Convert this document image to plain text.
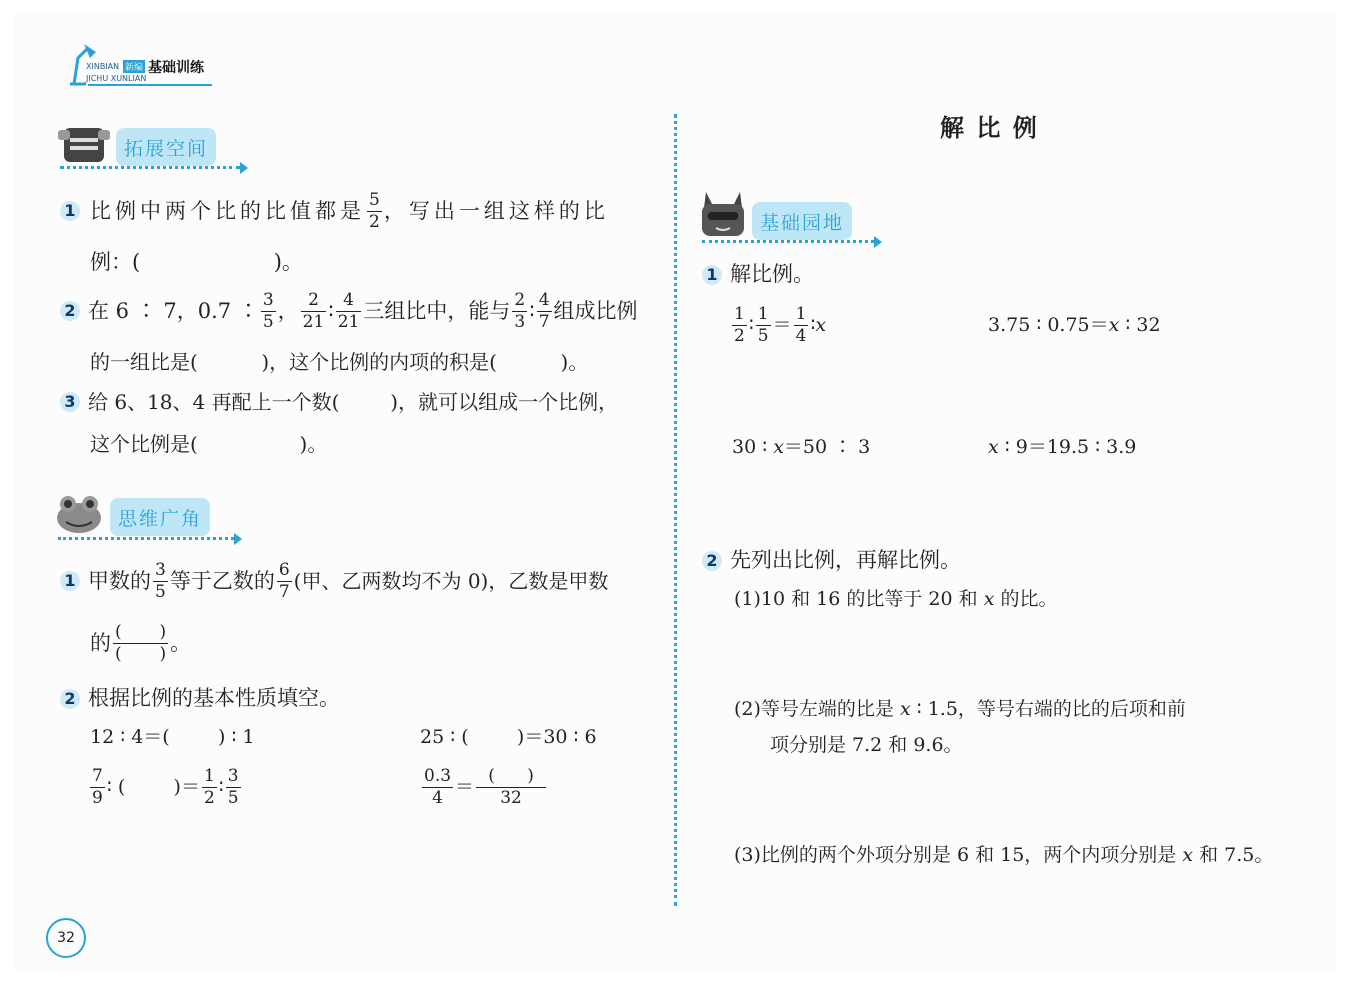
XINBIAN 新编 基础训练
JICHU XUNLIAN
拓展空间
1 比例中两个比的比值都是 $\frac{5}{2}$ ，写出一组这样的比
例：(                    )。
2 在 6 ∶ 7，0.7 ∶ $\frac{3}{5}$ ， $\frac{2}{21}$ ∶ $\frac{4}{21}$ 三组比中，能与 $\frac{2}{3}$ ∶ $\frac{4}{7}$ 组成比例
的一组比是(          )，这个比例的内项的积是(          )。
3 给 6、18、4 再配上一个数(        )，就可以组成一个比例，
这个比例是(                )。
思维广角
1 甲数的 $\frac{3}{5}$ 等于乙数的 $\frac{6}{7}$ (甲、乙两数均不为 0)，乙数是甲数
的 $\frac{( )}{( )}$ 。
2 根据比例的基本性质填空。
12 ∶ 4＝(        ) ∶ 1	25 ∶ (        )＝30 ∶ 6
$\frac{7}{9}$ ∶ (        )＝ $\frac{1}{2}$ ∶ $\frac{3}{5}$	$\frac{0.3}{4} = \frac{( )}{32}$
32
解 比 例
基础园地
1 解比例。
$\frac{1}{2}$ ∶ $\frac{1}{5} = \frac{1}{4}$ ∶ x	3.75 ∶ 0.75＝x ∶ 32
30 ∶ x＝50 ∶ 3	x ∶ 9＝19.5 ∶ 3.9
2 先列出比例，再解比例。
(1)10 和 16 的比等于 20 和 x 的比。
(2)等号左端的比是 x ∶ 1.5，等号右端的比的后项和前
项分别是 7.2 和 9.6。
(3)比例的两个外项分别是 6 和 15，两个内项分别是 x 和 7.5。
